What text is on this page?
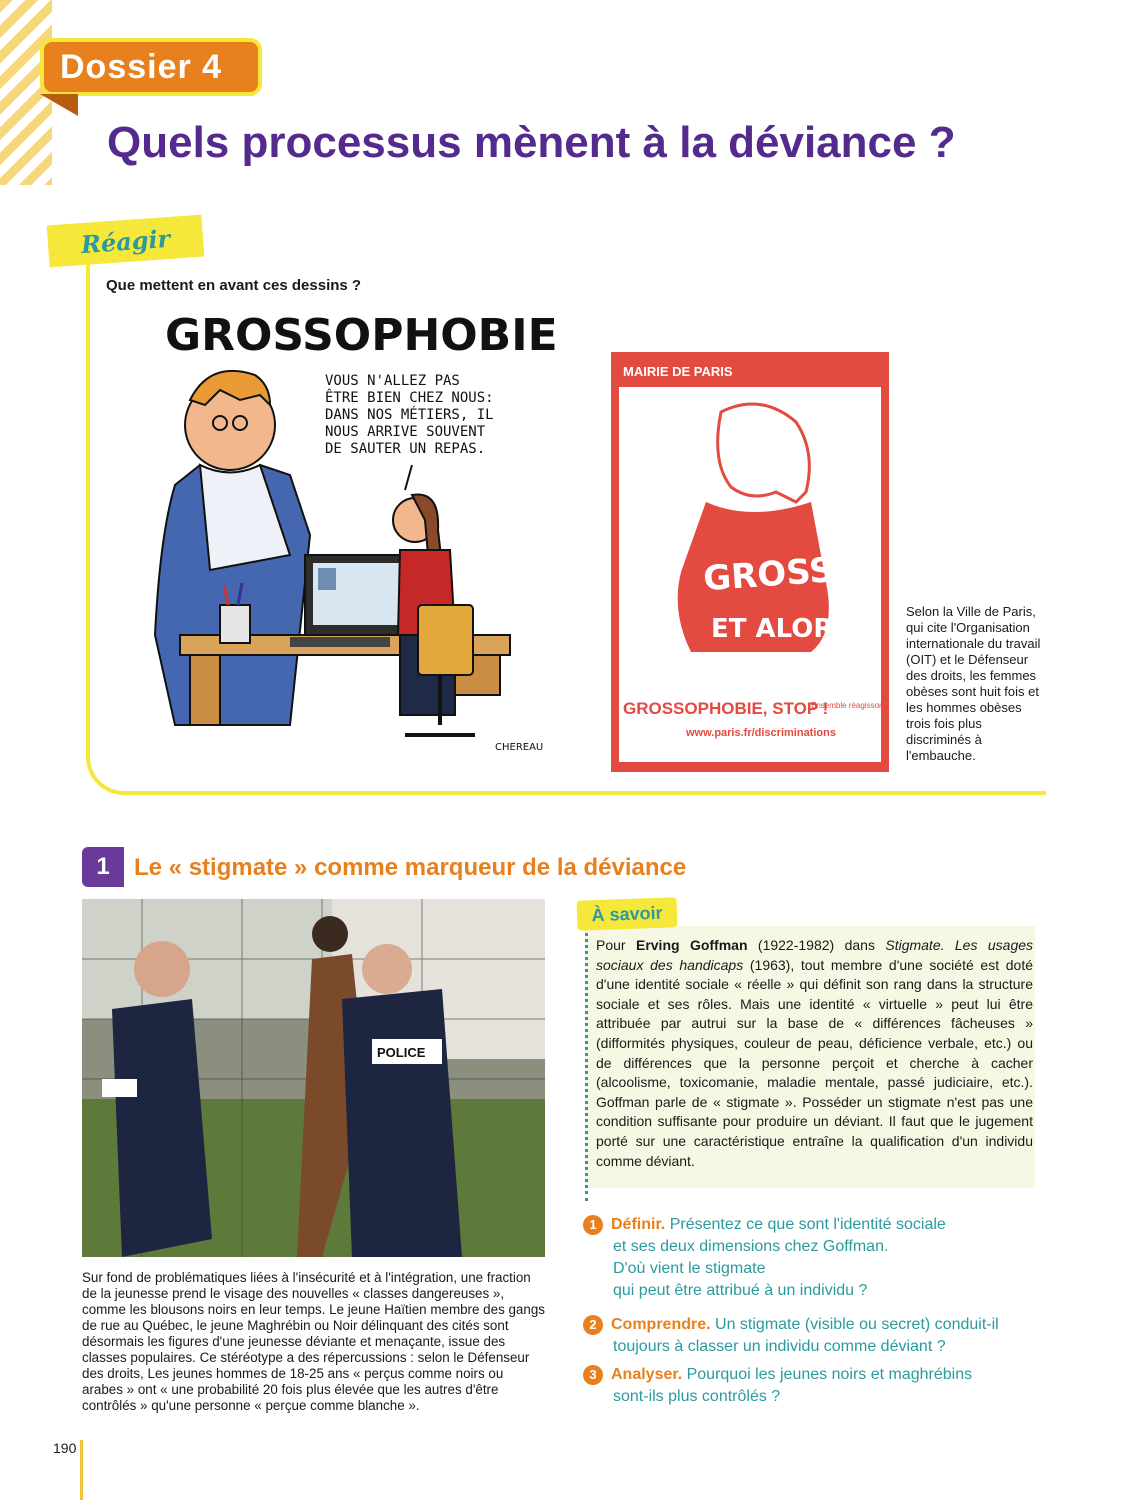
Dossier 4
Quels processus mènent à la déviance ?
Réagir
Que mettent en avant ces dessins ?
GROSSOPHOBIE
VOUS N'ALLEZ PAS
ÊTRE BIEN CHEZ NOUS:
DANS NOS MÉTIERS, IL
NOUS ARRIVE SOUVENT
DE SAUTER UN REPAS.
CHEREAU
MAIRIE DE PARIS
GROSSE
ET ALORS !
GROSSOPHOBIE, STOP !
Ensemble réagissons
www.paris.fr/discriminations
Selon la Ville de Paris, qui cite l'Organisation internationale du travail (OIT) et le Défenseur des droits, les femmes obèses sont huit fois et les hommes obèses trois fois plus discriminés à l'embauche.
1	Le « stigmate » comme marqueur de la déviance
POLICE
Sur fond de problématiques liées à l'insécurité et à l'intégration, une fraction de la jeunesse prend le visage des nouvelles « classes dangereuses », comme les blousons noirs en leur temps. Le jeune Haïtien membre des gangs de rue au Québec, le jeune Maghrébin ou Noir délinquant des cités sont désormais les figures d'une jeunesse déviante et menaçante, issue des classes populaires. Ce stéréotype a des répercussions : selon le Défenseur des droits, Les jeunes hommes de 18-25 ans « perçus comme noirs ou arabes » ont « une probabilité 20 fois plus élevée que les autres d'être contrôlés » qu'une personne « perçue comme blanche ».
À savoir
Pour Erving Goffman (1922-1982) dans Stigmate. Les usages sociaux des handicaps (1963), tout membre d'une société est doté d'une identité sociale « réelle » qui définit son rang dans la structure sociale et ses rôles. Mais une identité « virtuelle » peut lui être attribuée par autrui sur la base de « différences fâcheuses » (difformités physiques, couleur de peau, déficience verbale, etc.) ou de différences que la personne perçoit et cherche à cacher (alcoolisme, toxicomanie, maladie mentale, passé judiciaire, etc.). Goffman parle de « stigmate ». Posséder un stigmate n'est pas une condition suffisante pour produire un déviant. Il faut que le jugement porté sur une caractéristique entraîne la qualification d'un individu comme déviant.
1 Définir. Présentez ce que sont l'identité sociale
et ses deux dimensions chez Goffman.
D'où vient le stigmate
qui peut être attribué à un individu ?
2 Comprendre. Un stigmate (visible ou secret) conduit-il
toujours à classer un individu comme déviant ?
3 Analyser. Pourquoi les jeunes noirs et maghrébins
sont-ils plus contrôlés ?
190
